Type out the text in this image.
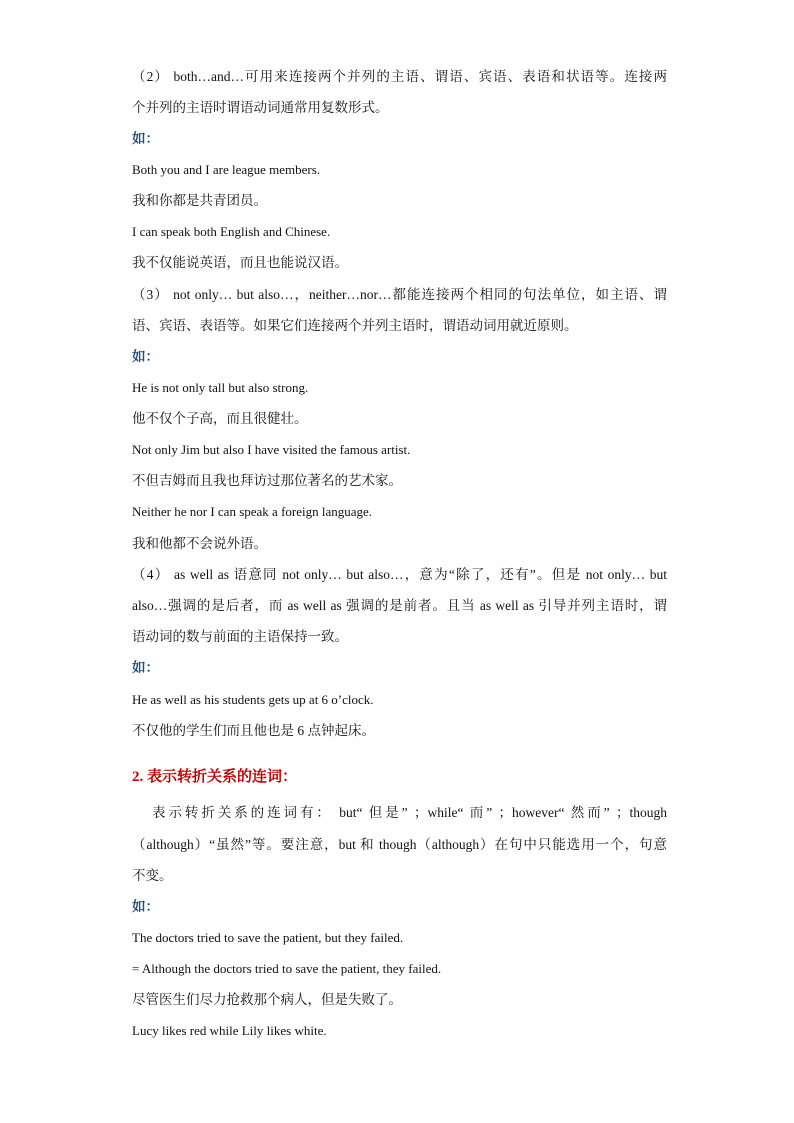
（2） both…and…可用来连接两个并列的主语、谓语、宾语、表语和状语等。连接两
个并列的主语时谓语动词通常用复数形式。
如：
Both you and I are league members.
我和你都是共青团员。
I can speak both English and Chinese.
我不仅能说英语，而且也能说汉语。
（3） not only… but also…，neither…nor…都能连接两个相同的句法单位，如主语、谓
语、宾语、表语等。如果它们连接两个并列主语时，谓语动词用就近原则。
如：
He is not only tall but also strong.
他不仅个子高，而且很健壮。
Not only Jim but also I have visited the famous artist.
不但吉姆而且我也拜访过那位著名的艺术家。
Neither he nor I can speak a foreign language.
我和他都不会说外语。
（4） as well as 语意同 not only… but also…，意为“除了，还有”。但是 not only… but
also…强调的是后者，而 as well as 强调的是前者。且当 as well as 引导并列主语时，谓
语动词的数与前面的主语保持一致。
如：
He as well as his students gets up at 6 o’clock.
不仅他的学生们而且他也是 6 点钟起床。
2. 表示转折关系的连词：
表示转折关系的连词有： but“ 但是” ；while“ 而” ；however“ 然而” ；though
（although）“虽然”等。要注意，but 和 though（although）在句中只能选用一个，句意
不变。
如：
The doctors tried to save the patient, but they failed.
= Although the doctors tried to save the patient, they failed.
尽管医生们尽力抢救那个病人，但是失败了。
Lucy likes red while Lily likes white.
